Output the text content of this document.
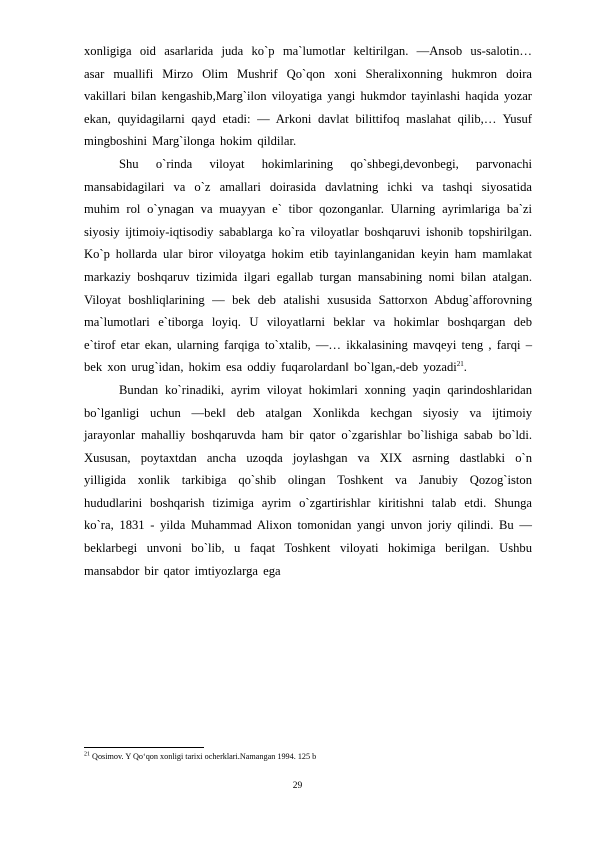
xonligiga oid asarlarida juda ko`p ma`lumotlar keltirilgan. ―Ansob us-salotin… asar muallifi Mirzo Olim Mushrif Qo`qon xoni Sheralixonning hukmron doira vakillari bilan kengashib,Marg`ilon viloyatiga yangi hukmdor tayinlashi haqida yozar ekan, quyidagilarni qayd etadi: ― Arkoni davlat bilittifoq maslahat qilib,… Yusuf mingboshini Marg`ilonga hokim qildilar.

Shu o`rinda viloyat hokimlarining qo`shbegi,devonbegi, parvonachi mansabidagilari va o`z amallari doirasida davlatning ichki va tashqi siyosatida muhim rol o`ynagan va muayyan e` tibor qozonganlar. Ularning ayrimlariga ba`zi siyosiy ijtimoiy-iqtisodiy sabablarga ko`ra viloyatlar boshqaruvi ishonib topshirilgan. Ko`p hollarda ular biror viloyatga hokim etib tayinlanganidan keyin ham mamlakat markaziy boshqaruv tizimida ilgari egallab turgan mansabining nomi bilan atalgan. Viloyat boshliqlarining ― bek deb atalishi xususida Sattorxon Abdug`afforovning ma`lumotlari e`tiborga loyiq. U viloyatlarni beklar va hokimlar boshqargan deb e`tirof etar ekan, ularning farqiga to`xtalib, ―… ikkalasining mavqeyi teng , farqi –bek xon urug`idan, hokim esa oddiy fuqarolardan‖ bo`lgan,-deb yozadi$^{21}$.

Bundan ko`rinadiki, ayrim viloyat hokimlari xonning yaqin qarindoshlaridan bo`lganligi uchun ―bek‖ deb atalgan Xonlikda kechgan siyosiy va ijtimoiy jarayonlar mahalliy boshqaruvda ham bir qator o`zgarishlar bo`lishiga sabab bo`ldi. Xususan, poytaxtdan ancha uzoqda joylashgan va XIX asrning dastlabki o`n yilligida xonlik tarkibiga qo`shib olingan Toshkent va Janubiy Qozog`iston hududlarini boshqarish tizimiga ayrim o`zgartirishlar kiritishni talab etdi. Shunga ko`ra, 1831 - yilda Muhammad Alixon tomonidan yangi unvon joriy qilindi. Bu ― beklarbegi unvoni bo`lib, u faqat Toshkent viloyati hokimiga berilgan. Ushbu mansabdor bir qator imtiyozlarga ega

$^{21}$ Qosimov. Y Qo‘qon xonligi tarixi ocherklari.Namangan 1994. 125 b
29
